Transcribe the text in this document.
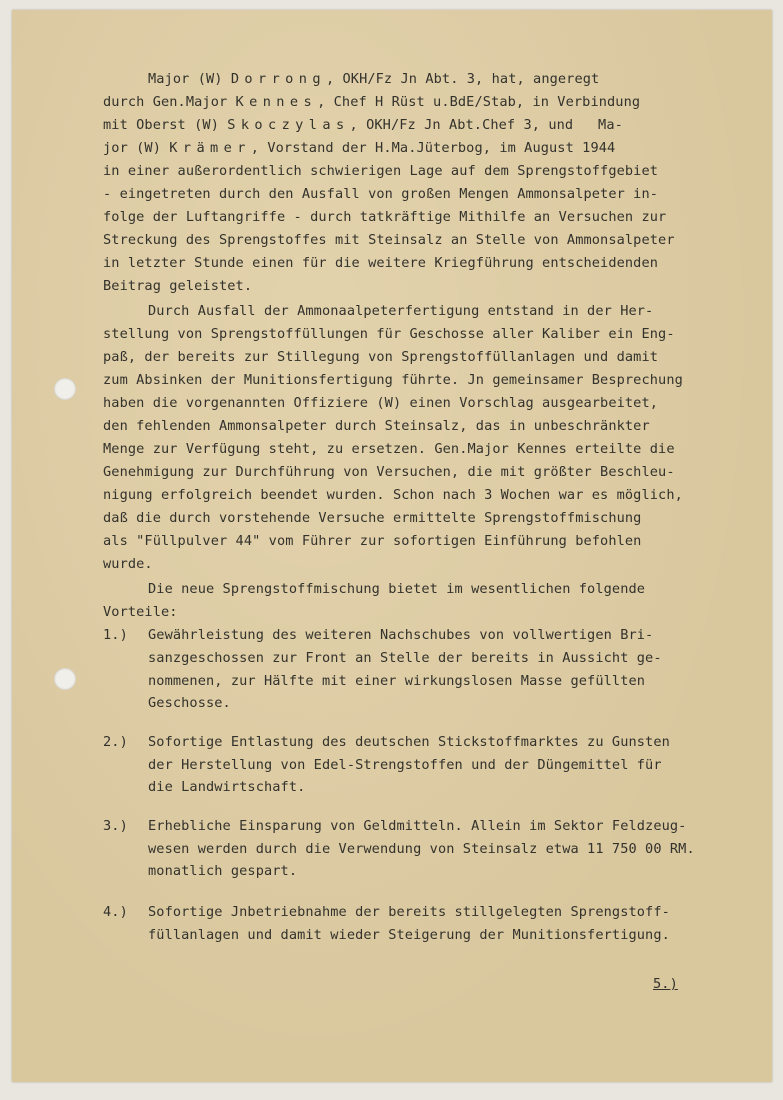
Major (W) Dorrong, OKH/Fz Jn Abt. 3, hat, angeregt
durch Gen.Major Kennes, Chef H Rüst u.BdE/Stab, in Verbindung
mit Oberst (W) Skoczylas, OKH/Fz Jn Abt.Chef 3, und   Ma-
jor (W) Krämer, Vorstand der H.Ma.Jüterbog, im August 1944
in einer außerordentlich schwierigen Lage auf dem Sprengstoffgebiet
- eingetreten durch den Ausfall von großen Mengen Ammonsalpeter in-
folge der Luftangriffe - durch tatkräftige Mithilfe an Versuchen zur
Streckung des Sprengstoffes mit Steinsalz an Stelle von Ammonsalpeter
in letzter Stunde einen für die weitere Kriegführung entscheidenden
Beitrag geleistet.
Durch Ausfall der Ammonaalpeterfertigung entstand in der Her-
stellung von Sprengstoffüllungen für Geschosse aller Kaliber ein Eng-
paß, der bereits zur Stillegung von Sprengstoffüllanlagen und damit
zum Absinken der Munitionsfertigung führte. Jn gemeinsamer Besprechung
haben die vorgenannten Offiziere (W) einen Vorschlag ausgearbeitet,
den fehlenden Ammonsalpeter durch Steinsalz, das in unbeschränkter
Menge zur Verfügung steht, zu ersetzen. Gen.Major Kennes erteilte die
Genehmigung zur Durchführung von Versuchen, die mit größter Beschleu-
nigung erfolgreich beendet wurden. Schon nach 3 Wochen war es möglich,
daß die durch vorstehende Versuche ermittelte Sprengstoffmischung
als "Füllpulver 44" vom Führer zur sofortigen Einführung befohlen
wurde.
Die neue Sprengstoffmischung bietet im wesentlichen folgende
Vorteile:
1.) Gewährleistung des weiteren Nachschubes von vollwertigen Bri-
sanzgeschossen zur Front an Stelle der bereits in Aussicht ge-
nommenen, zur Hälfte mit einer wirkungslosen Masse gefüllten
Geschosse.
2.) Sofortige Entlastung des deutschen Stickstoffmarktes zu Gunsten
der Herstellung von Edel-Strengstoffen und der Düngemittel für
die Landwirtschaft.
3.) Erhebliche Einsparung von Geldmitteln. Allein im Sektor Feldzeug-
wesen werden durch die Verwendung von Steinsalz etwa 11 750 00 RM.
monatlich gespart.
4.) Sofortige Jnbetriebnahme der bereits stillgelegten Sprengstoff-
füllanlagen und damit wieder Steigerung der Munitionsfertigung.
5.)
